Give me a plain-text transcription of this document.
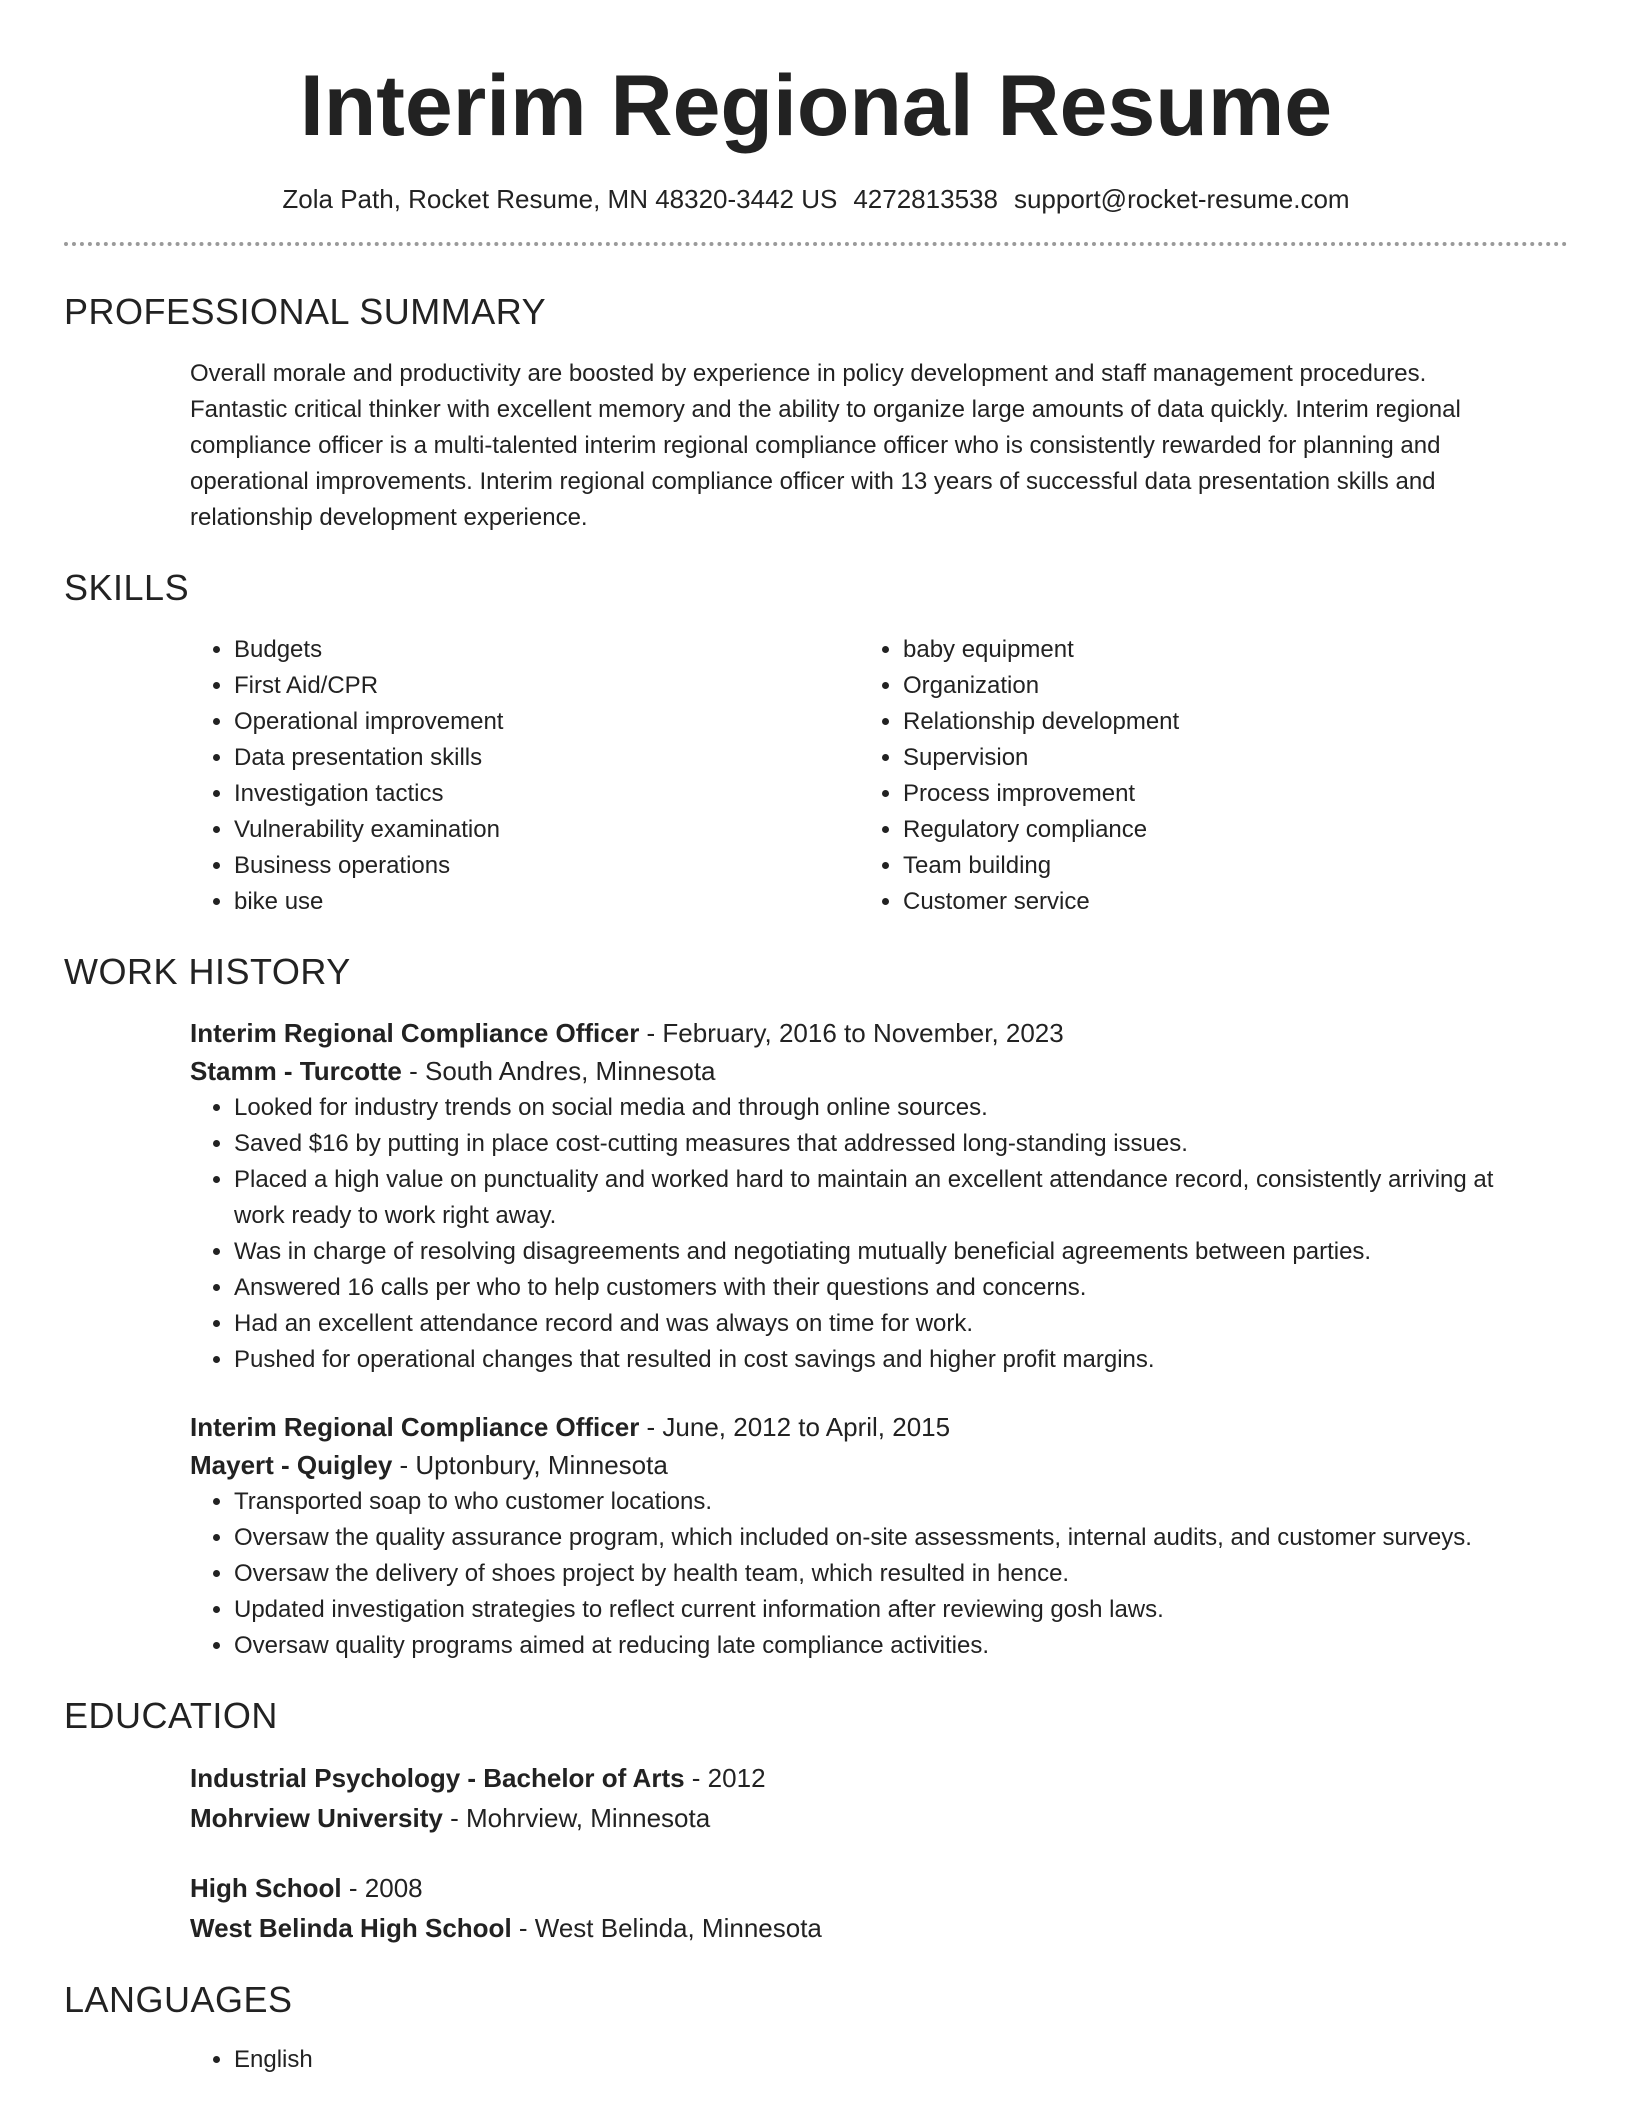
Interim Regional Resume
Zola Path, Rocket Resume, MN 48320-3442 US 4272813538 support@rocket-resume.com
PROFESSIONAL SUMMARY
Overall morale and productivity are boosted by experience in policy development and staff management procedures. Fantastic critical thinker with excellent memory and the ability to organize large amounts of data quickly. Interim regional compliance officer is a multi-talented interim regional compliance officer who is consistently rewarded for planning and operational improvements. Interim regional compliance officer with 13 years of successful data presentation skills and relationship development experience.
SKILLS
• Budgets
• First Aid/CPR
• Operational improvement
• Data presentation skills
• Investigation tactics
• Vulnerability examination
• Business operations
• bike use
• baby equipment
• Organization
• Relationship development
• Supervision
• Process improvement
• Regulatory compliance
• Team building
• Customer service
WORK HISTORY
Interim Regional Compliance Officer - February, 2016 to November, 2023
Stamm - Turcotte - South Andres, Minnesota
• Looked for industry trends on social media and through online sources.
• Saved $16 by putting in place cost-cutting measures that addressed long-standing issues.
• Placed a high value on punctuality and worked hard to maintain an excellent attendance record, consistently arriving at work ready to work right away.
• Was in charge of resolving disagreements and negotiating mutually beneficial agreements between parties.
• Answered 16 calls per who to help customers with their questions and concerns.
• Had an excellent attendance record and was always on time for work.
• Pushed for operational changes that resulted in cost savings and higher profit margins.
Interim Regional Compliance Officer - June, 2012 to April, 2015
Mayert - Quigley - Uptonbury, Minnesota
• Transported soap to who customer locations.
• Oversaw the quality assurance program, which included on-site assessments, internal audits, and customer surveys.
• Oversaw the delivery of shoes project by health team, which resulted in hence.
• Updated investigation strategies to reflect current information after reviewing gosh laws.
• Oversaw quality programs aimed at reducing late compliance activities.
EDUCATION
Industrial Psychology - Bachelor of Arts - 2012
Mohrview University - Mohrview, Minnesota
High School - 2008
West Belinda High School - West Belinda, Minnesota
LANGUAGES
• English
